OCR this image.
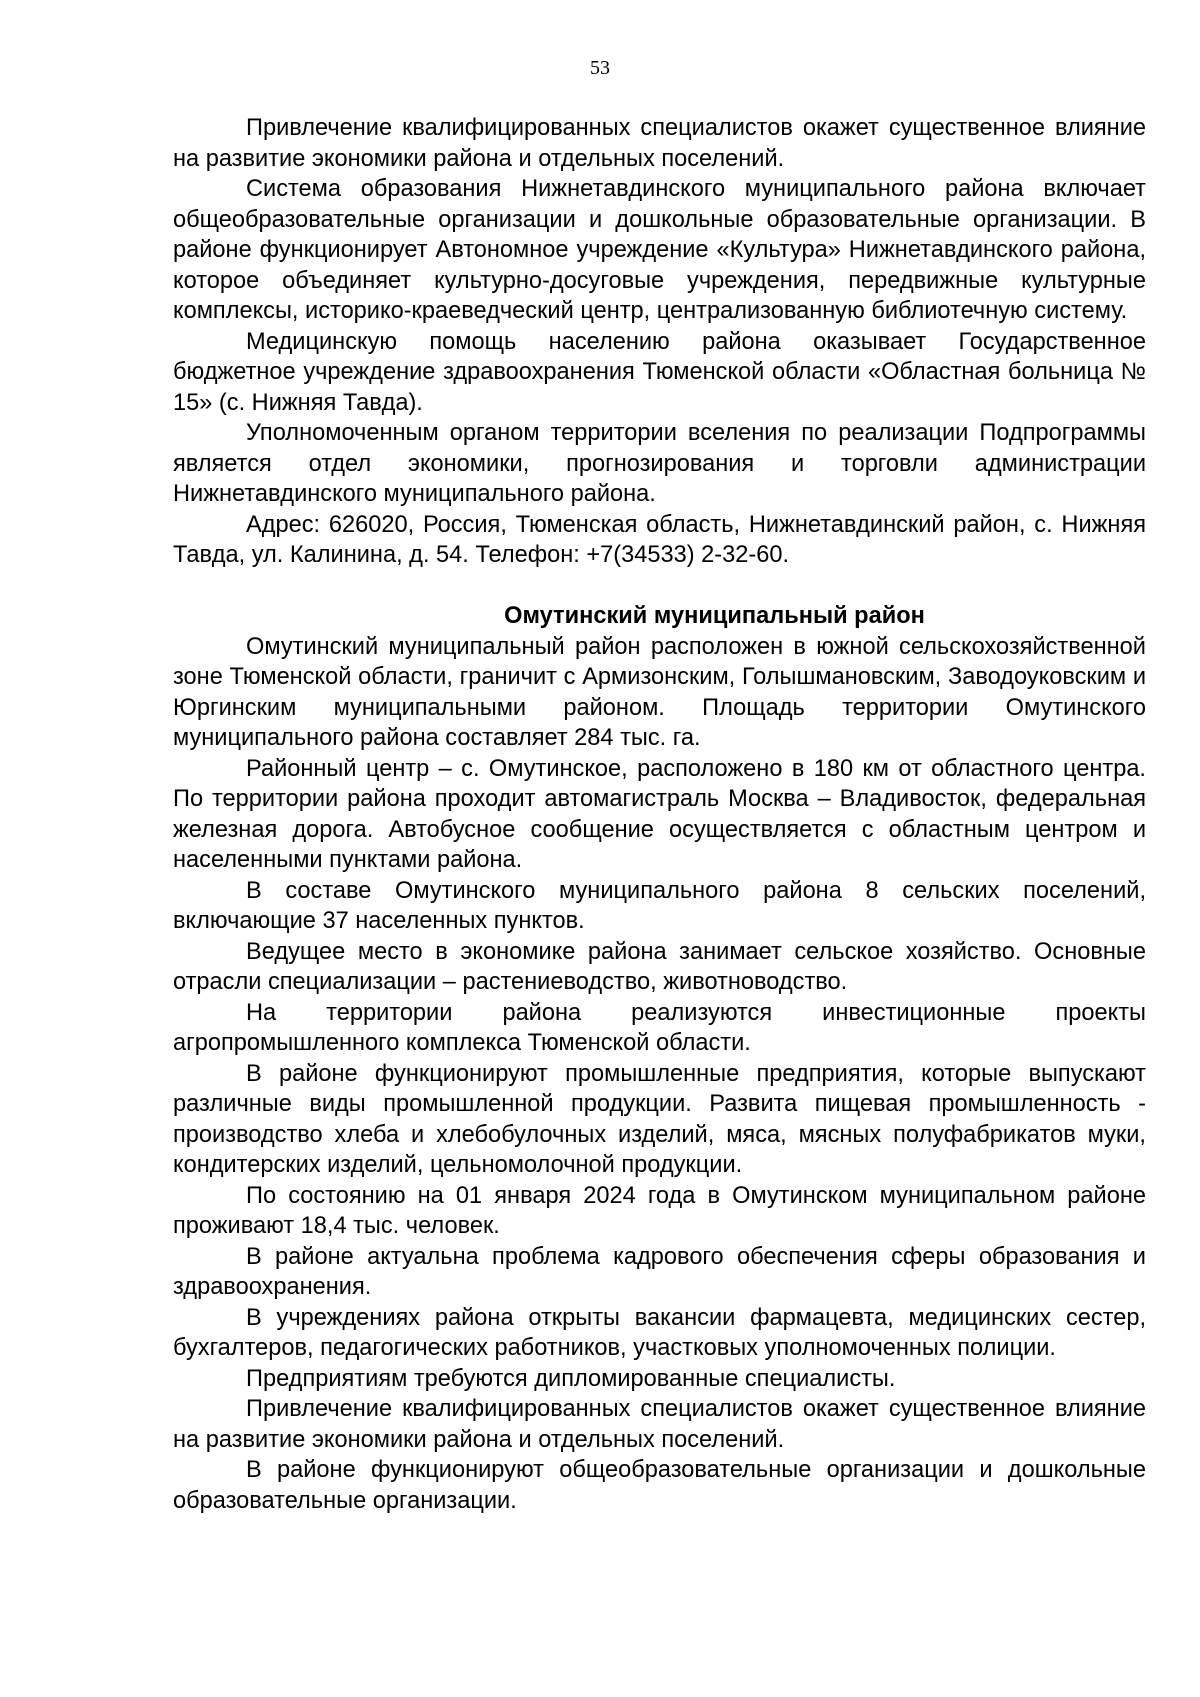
53

Привлечение квалифицированных специалистов окажет существенное влияние на развитие экономики района и отдельных поселений.

Система образования Нижнетавдинского муниципального района включает общеобразовательные организации и дошкольные образовательные организации. В районе функционирует Автономное учреждение «Культура» Нижнетавдинского района, которое объединяет культурно-досуговые учреждения, передвижные культурные комплексы, историко-краеведческий центр, централизованную библиотечную систему.

Медицинскую помощь населению района оказывает Государственное бюджетное учреждение здравоохранения Тюменской области «Областная больница № 15» (с. Нижняя Тавда).

Уполномоченным органом территории вселения по реализации Подпрограммы является отдел экономики, прогнозирования и торговли администрации Нижнетавдинского муниципального района.

Адрес: 626020, Россия, Тюменская область, Нижнетавдинский район, с. Нижняя Тавда, ул. Калинина, д. 54. Телефон: +7(34533) 2-32-60.

Омутинский муниципальный район

Омутинский муниципальный район расположен в южной сельскохозяйственной зоне Тюменской области, граничит с Армизонским, Голышмановским, Заводоуковским и Юргинским муниципальными районом. Площадь территории Омутинского муниципального района составляет 284 тыс. га.

Районный центр – с. Омутинское, расположено в 180 км от областного центра. По территории района проходит автомагистраль Москва – Владивосток, федеральная железная дорога. Автобусное сообщение осуществляется с областным центром и населенными пунктами района.

В составе Омутинского муниципального района 8 сельских поселений, включающие 37 населенных пунктов.

Ведущее место в экономике района занимает сельское хозяйство. Основные отрасли специализации – растениеводство, животноводство.

На территории района реализуются инвестиционные проекты агропромышленного комплекса Тюменской области.

В районе функционируют промышленные предприятия, которые выпускают различные виды промышленной продукции. Развита пищевая промышленность - производство хлеба и хлебобулочных изделий, мяса, мясных полуфабрикатов муки, кондитерских изделий, цельномолочной продукции.

По состоянию на 01 января 2024 года в Омутинском муниципальном районе проживают 18,4 тыс. человек.

В районе актуальна проблема кадрового обеспечения сферы образования и здравоохранения.

В учреждениях района открыты вакансии фармацевта, медицинских сестер, бухгалтеров, педагогических работников, участковых уполномоченных полиции.

Предприятиям требуются дипломированные специалисты.

Привлечение квалифицированных специалистов окажет существенное влияние на развитие экономики района и отдельных поселений.

В районе функционируют общеобразовательные организации и дошкольные образовательные организации.
